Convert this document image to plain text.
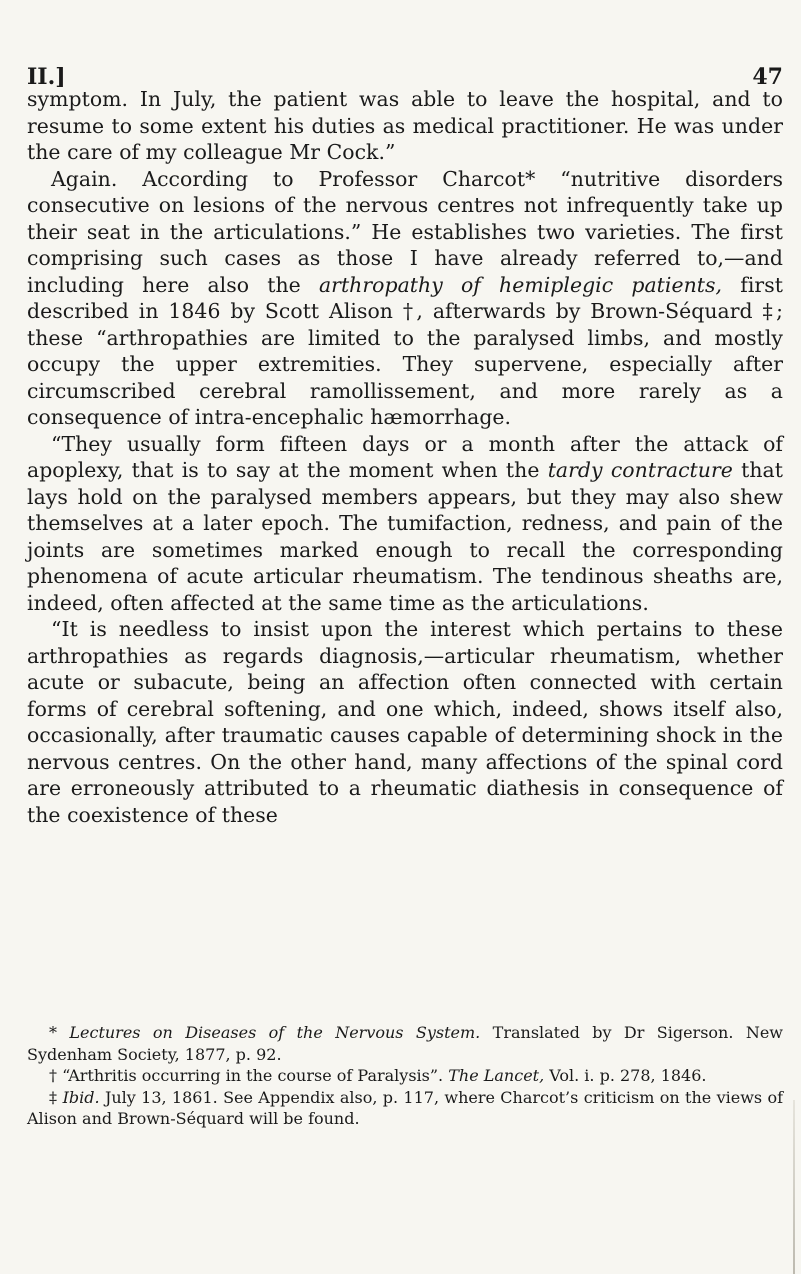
II.]	47

symptom. In July, the patient was able to leave the hospital, and to resume to some extent his duties as medical practitioner. He was under the care of my colleague Mr Cock.”

Again. According to Professor Charcot* “nutritive disorders consecutive on lesions of the nervous centres not infrequently take up their seat in the articulations.” He establishes two varieties. The first comprising such cases as those I have already referred to,—and including here also the arthropathy of hemiplegic patients, first described in 1846 by Scott Alison †, afterwards by Brown-Séquard ‡; these “arthropathies are limited to the paralysed limbs, and mostly occupy the upper extremities. They supervene, especially after circumscribed cerebral ramollissement, and more rarely as a consequence of intra-encephalic hæmorrhage.

“They usually form fifteen days or a month after the attack of apoplexy, that is to say at the moment when the tardy contracture that lays hold on the paralysed members appears, but they may also shew themselves at a later epoch. The tumifaction, redness, and pain of the joints are sometimes marked enough to recall the corresponding phenomena of acute articular rheumatism. The tendinous sheaths are, indeed, often affected at the same time as the articulations.

“It is needless to insist upon the interest which pertains to these arthropathies as regards diagnosis,—articular rheumatism, whether acute or subacute, being an affection often connected with certain forms of cerebral softening, and one which, indeed, shows itself also, occasionally, after traumatic causes capable of determining shock in the nervous centres. On the other hand, many affections of the spinal cord are erroneously attributed to a rheumatic diathesis in consequence of the coexistence of these

* Lectures on Diseases of the Nervous System. Translated by Dr Sigerson. New Sydenham Society, 1877, p. 92.

† “Arthritis occurring in the course of Paralysis”. The Lancet, Vol. i. p. 278, 1846.

‡ Ibid. July 13, 1861. See Appendix also, p. 117, where Charcot’s criticism on the views of Alison and Brown-Séquard will be found.
